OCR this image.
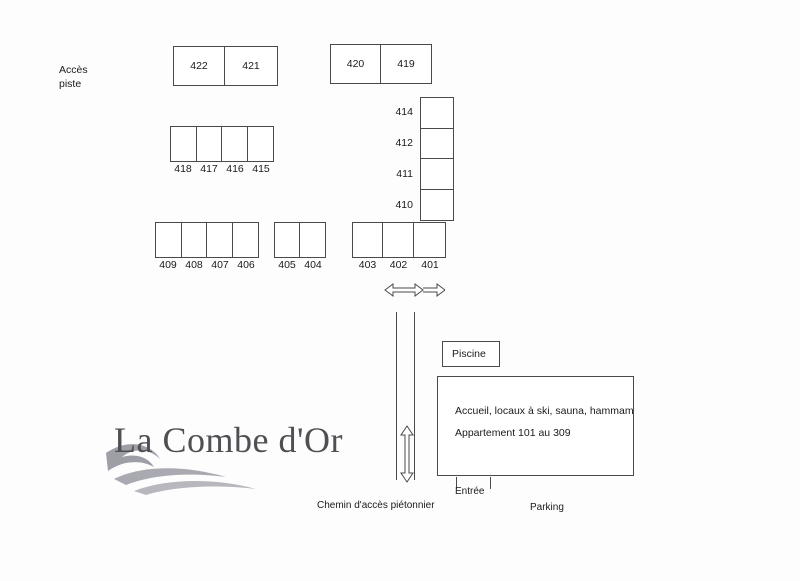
Accès
piste
422	421	420	419
418 417 416 415
414
412
411
410
409 408 407 406	405 404	403	402	401
Piscine
Accueil, locaux à ski, sauna, hammam
Appartement 101 au 309
Entrée
Chemin d'accès piétonnier	Parking
La Combe d'Or
